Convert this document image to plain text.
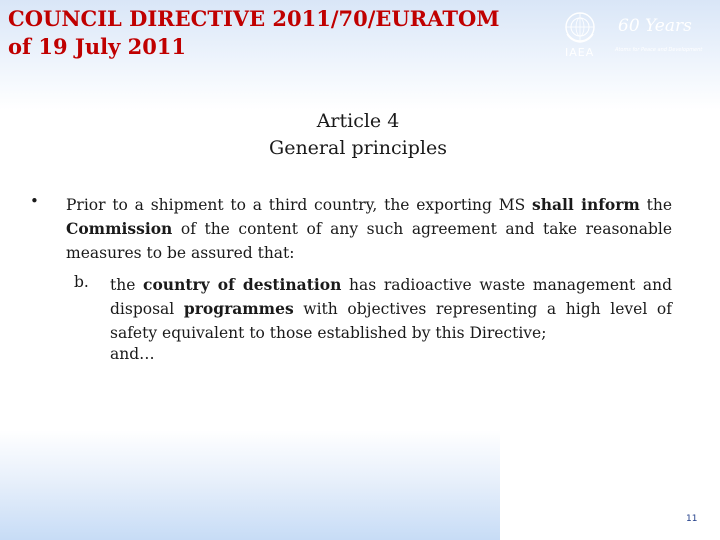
COUNCIL DIRECTIVE 2011/70/EURATOM
of 19 July 2011	IAEA
60 Years
Atoms for Peace and Development
Article 4
General principles
• Prior to a shipment to a third country, the exporting MS shall inform the Commission of the content of any such agreement and take reasonable measures to be assured that:

b. the country of destination has radioactive waste management and disposal programmes with objectives representing a high level of safety equivalent to those established by this Directive;

and…
11
